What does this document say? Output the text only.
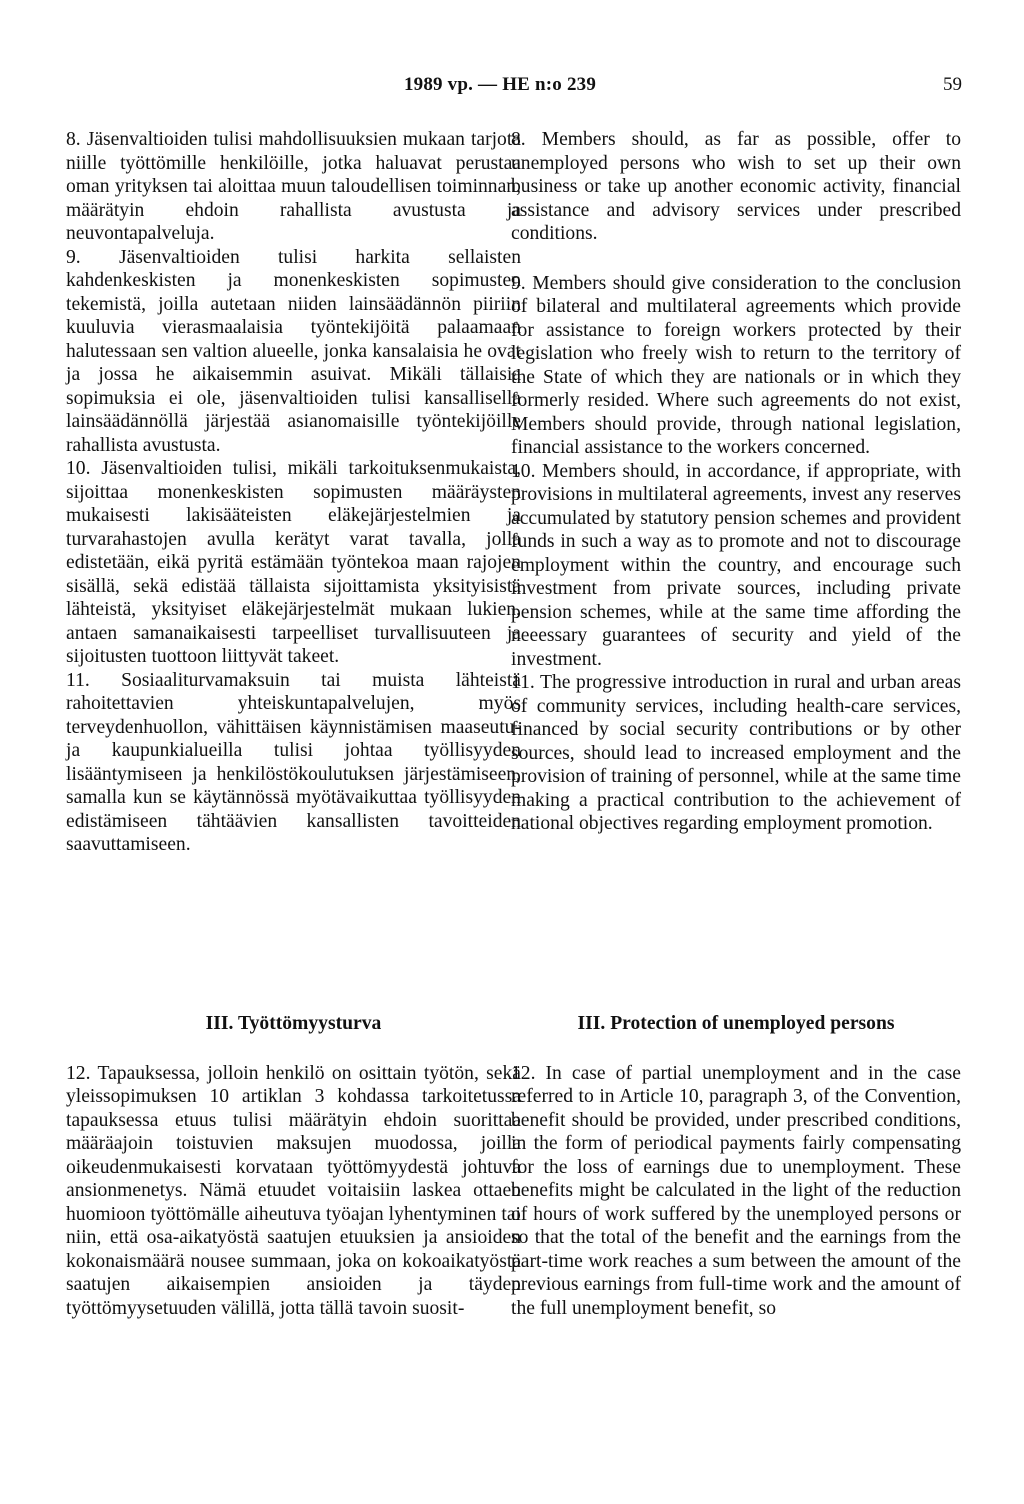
1989 vp. — HE n:o 239	59

8. Jäsenvaltioiden tulisi mahdollisuuksien mukaan tarjota niille työttömille henkilöille, jotka haluavat perustaa oman yrityksen tai aloittaa muun taloudellisen toiminnan, määrätyin ehdoin rahallista avustusta ja neuvontapalveluja.

9. Jäsenvaltioiden tulisi harkita sellaisten kahdenkeskisten ja monenkeskisten sopimusten tekemistä, joilla autetaan niiden lainsäädännön piiriin kuuluvia vierasmaalaisia työntekijöitä palaamaan halutessaan sen valtion alueelle, jonka kansalaisia he ovat ja jossa he aikaisemmin asuivat. Mikäli tällaisia sopimuksia ei ole, jäsenvaltioiden tulisi kansallisella lainsäädännöllä järjestää asianomaisille työntekijöille rahallista avustusta.

10. Jäsenvaltioiden tulisi, mikäli tarkoituksenmukaista, sijoittaa monenkeskisten sopimusten määräysten mukaisesti lakisääteisten eläkejärjestelmien ja turvarahastojen avulla kerätyt varat tavalla, jolla edistetään, eikä pyritä estämään työntekoa maan rajojen sisällä, sekä edistää tällaista sijoittamista yksityisistä lähteistä, yksityiset eläkejärjestelmät mukaan lukien, antaen samanaikaisesti tarpeelliset turvallisuuteen ja sijoitusten tuottoon liittyvät takeet.

11. Sosiaaliturvamaksuin tai muista lähteistä rahoitettavien yhteiskuntapalvelujen, myös terveydenhuollon, vähittäisen käynnistämisen maaseutu- ja kaupunkialueilla tulisi johtaa työllisyyden lisääntymiseen ja henkilöstökoulutuksen järjestämiseen, samalla kun se käytännössä myötävaikuttaa työllisyyden edistämiseen tähtäävien kansallisten tavoitteiden saavuttamiseen.

8. Members should, as far as possible, offer to unemployed persons who wish to set up their own business or take up another economic activity, financial assistance and advisory services under prescribed conditions.

9. Members should give consideration to the conclusion of bilateral and multilateral agreements which provide for assistance to foreign workers protected by their legislation who freely wish to return to the territory of the State of which they are nationals or in which they formerly resided. Where such agreements do not exist, Members should provide, through national legislation, financial assistance to the workers concerned.

10. Members should, in accordance, if appropriate, with provisions in multilateral agreements, invest any reserves accumulated by statutory pension schemes and provident funds in such a way as to promote and not to discourage employment within the country, and encourage such investment from private sources, including private pension schemes, while at the same time affording the neeessary guarantees of security and yield of the investment.

11. The progressive introduction in rural and urban areas of community services, including health-care services, financed by social security contributions or by other sources, should lead to increased employment and the provision of training of personnel, while at the same time making a practical contribution to the achievement of national objectives regarding employment promotion.

III. Työttömyysturva

12. Tapauksessa, jolloin henkilö on osittain työtön, sekä yleissopimuksen 10 artiklan 3 kohdassa tarkoitetussa tapauksessa etuus tulisi määrätyin ehdoin suorittaa määräajoin toistuvien maksujen muodossa, joilla oikeudenmukaisesti korvataan työttömyydestä johtuva ansionmenetys. Nämä etuudet voitaisiin laskea ottaen huomioon työttömälle aiheutuva työajan lyhentyminen tai niin, että osa-aikatyöstä saatujen etuuksien ja ansioiden kokonaismäärä nousee summaan, joka on kokoaikatyöstä saatujen aikaisempien ansioiden ja täyden työttömyysetuuden välillä, jotta tällä tavoin suosit-

III. Protection of unemployed persons

12. In case of partial unemployment and in the case referred to in Article 10, paragraph 3, of the Convention, benefit should be provided, under prescribed conditions, in the form of periodical payments fairly compensating for the loss of earnings due to unemployment. These benefits might be calculated in the light of the reduction of hours of work suffered by the unemployed persons or so that the total of the benefit and the earnings from the part-time work reaches a sum between the amount of the previous earnings from full-time work and the amount of the full unemployment benefit, so
